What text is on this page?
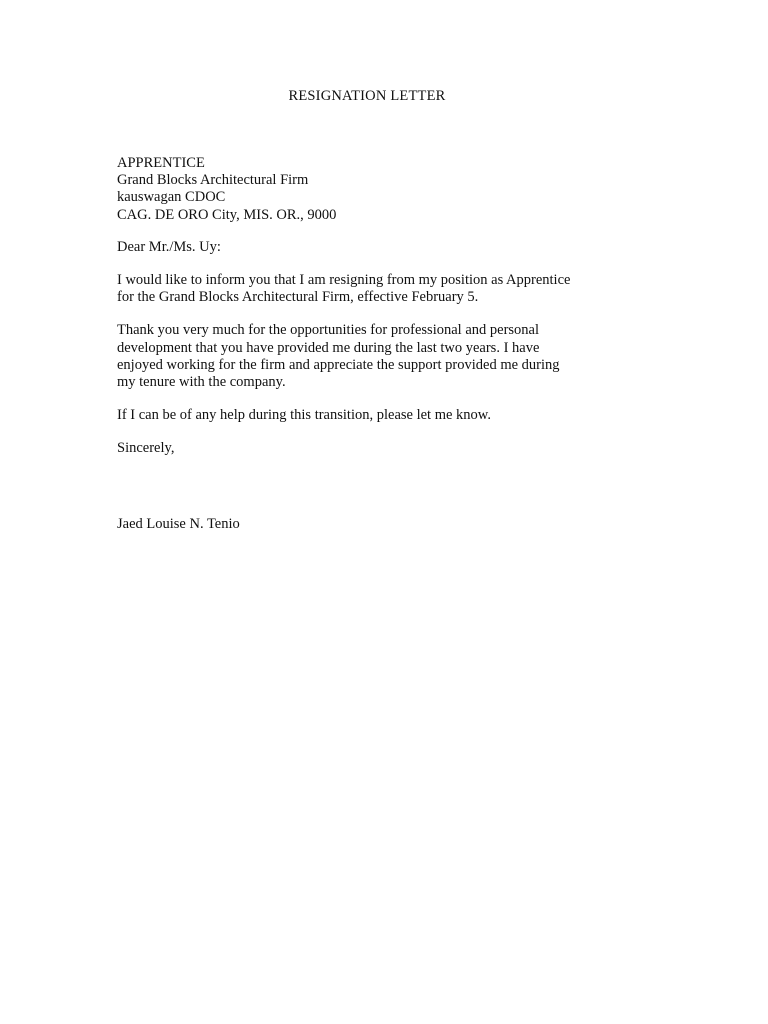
RESIGNATION LETTER
APPRENTICE
Grand Blocks Architectural Firm
kauswagan CDOC
CAG. DE ORO City, MIS. OR., 9000

Dear Mr./Ms. Uy:

I would like to inform you that I am resigning from my position as Apprentice
for the Grand Blocks Architectural Firm, effective February 5.
Thank you very much for the opportunities for professional and personal
development that you have provided me during the last two years. I have
enjoyed working for the firm and appreciate the support provided me during
my tenure with the company.
If I can be of any help during this transition, please let me know.

Sincerely,

Jaed Louise N. Tenio
